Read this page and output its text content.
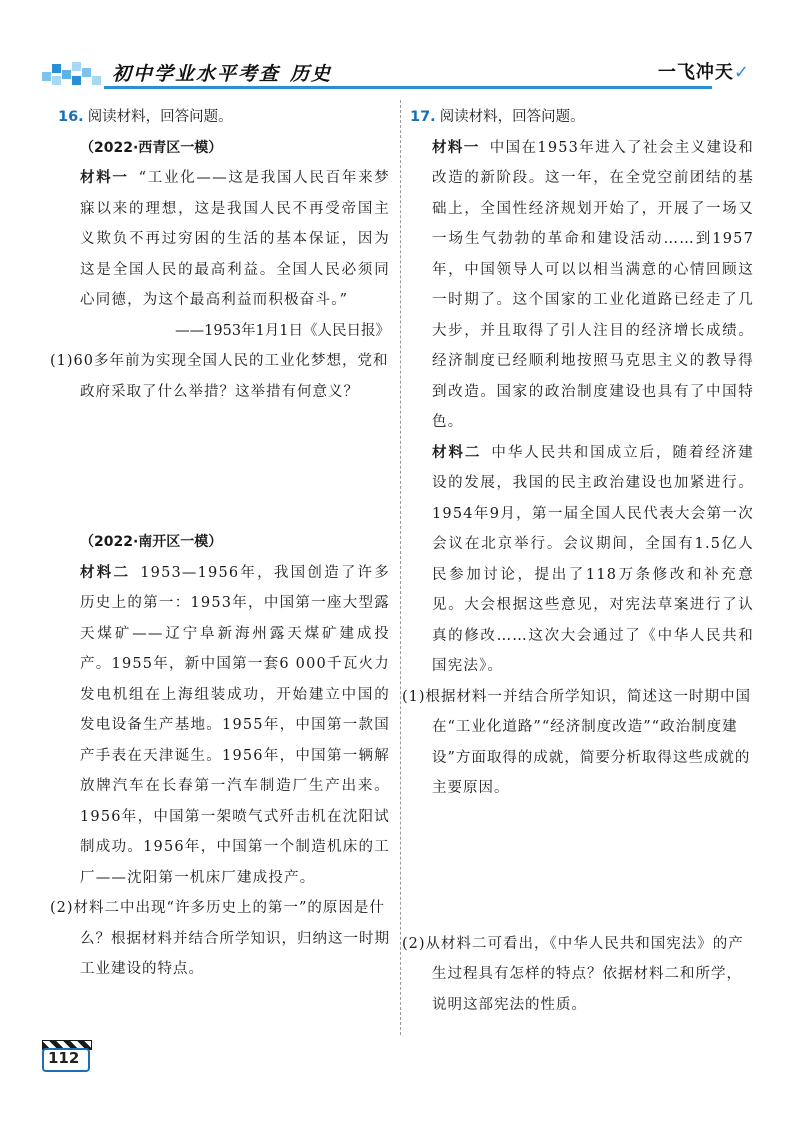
初中学业水平考查 历史	一飞冲天✓
16. 阅读材料，回答问题。
（2022·西青区一模）
材料一 “工业化——这是我国人民百年来梦寐以来的理想，这是我国人民不再受帝国主义欺负不再过穷困的生活的基本保证，因为这是全国人民的最高利益。全国人民必须同心同德，为这个最高利益而积极奋斗。”
——1953年1月1日《人民日报》
(1)60多年前为实现全国人民的工业化梦想，党和政府采取了什么举措？这举措有何意义？
（2022·南开区一模）
材料二 1953—1956年，我国创造了许多历史上的第一：1953年，中国第一座大型露天煤矿——辽宁阜新海州露天煤矿建成投产。1955年，新中国第一套6 000千瓦火力发电机组在上海组装成功，开始建立中国的发电设备生产基地。1955年，中国第一款国产手表在天津诞生。1956年，中国第一辆解放牌汽车在长春第一汽车制造厂生产出来。1956年，中国第一架喷气式歼击机在沈阳试制成功。1956年，中国第一个制造机床的工厂——沈阳第一机床厂建成投产。
(2)材料二中出现“许多历史上的第一”的原因是什么？根据材料并结合所学知识，归纳这一时期工业建设的特点。
17. 阅读材料，回答问题。
材料一 中国在1953年进入了社会主义建设和改造的新阶段。这一年，在全党空前团结的基础上，全国性经济规划开始了，开展了一场又一场生气勃勃的革命和建设活动……到1957年，中国领导人可以以相当满意的心情回顾这一时期了。这个国家的工业化道路已经走了几大步，并且取得了引人注目的经济增长成绩。经济制度已经顺利地按照马克思主义的教导得到改造。国家的政治制度建设也具有了中国特色。
材料二 中华人民共和国成立后，随着经济建设的发展，我国的民主政治建设也加紧进行。1954年9月，第一届全国人民代表大会第一次会议在北京举行。会议期间，全国有1.5亿人民参加讨论，提出了118万条修改和补充意见。大会根据这些意见，对宪法草案进行了认真的修改……这次大会通过了《中华人民共和国宪法》。
(1)根据材料一并结合所学知识，简述这一时期中国在“工业化道路”“经济制度改造”“政治制度建设”方面取得的成就，简要分析取得这些成就的主要原因。
(2)从材料二可看出，《中华人民共和国宪法》的产生过程具有怎样的特点？依据材料二和所学，说明这部宪法的性质。
112
